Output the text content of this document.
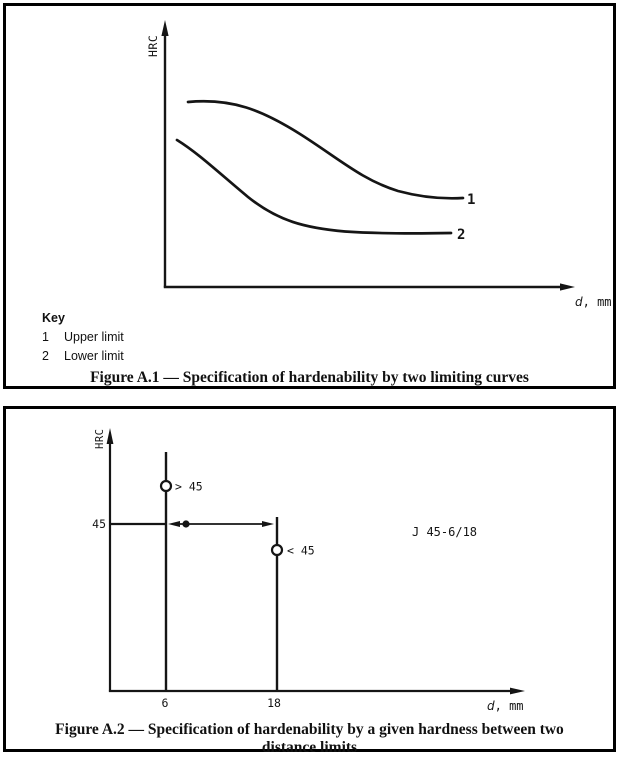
HRC
d, mm
1
2
Key
1	Upper limit
2	Lower limit
Figure A.1 — Specification of hardenability by two limiting curves
HRC
45
> 45
< 45
J 45-6/18
6	18	d, mm
Figure A.2 — Specification of hardenability by a given hardness between two
distance limits
